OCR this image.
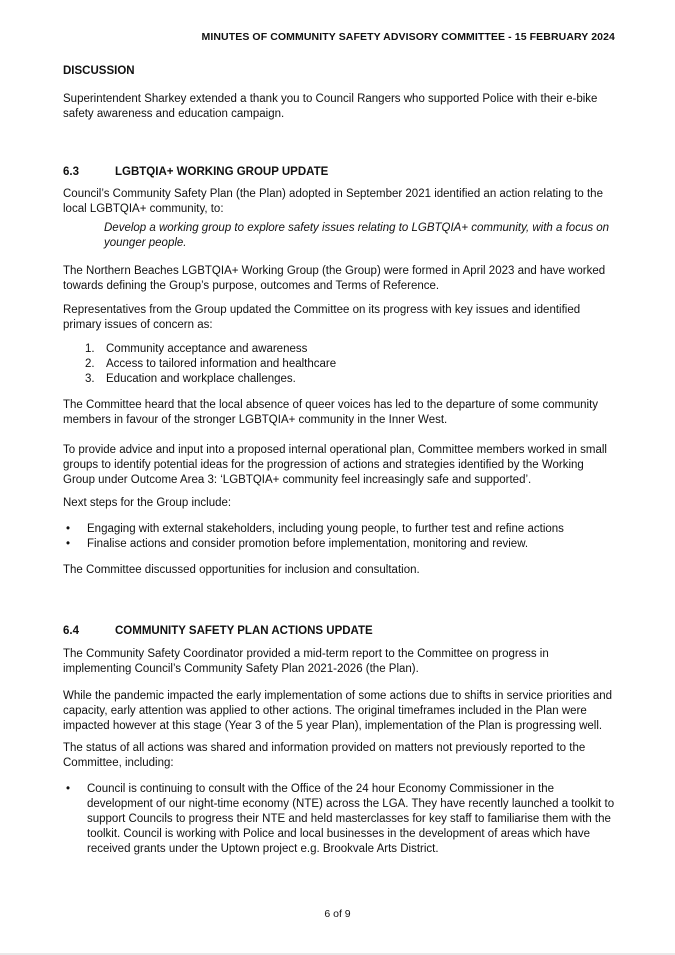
MINUTES OF COMMUNITY SAFETY ADVISORY COMMITTEE - 15 FEBRUARY 2024
DISCUSSION

Superintendent Sharkey extended a thank you to Council Rangers who supported Police with their e-bike safety awareness and education campaign.

6.3	LGBTQIA+ WORKING GROUP UPDATE

Council’s Community Safety Plan (the Plan) adopted in September 2021 identified an action relating to the local LGBTQIA+ community, to:

Develop a working group to explore safety issues relating to LGBTQIA+ community, with a focus on younger people.

The Northern Beaches LGBTQIA+ Working Group (the Group) were formed in April 2023 and have worked towards defining the Group’s purpose, outcomes and Terms of Reference.

Representatives from the Group updated the Committee on its progress with key issues and identified primary issues of concern as:

1. Community acceptance and awareness
2. Access to tailored information and healthcare
3. Education and workplace challenges.

The Committee heard that the local absence of queer voices has led to the departure of some community members in favour of the stronger LGBTQIA+ community in the Inner West.

To provide advice and input into a proposed internal operational plan, Committee members worked in small groups to identify potential ideas for the progression of actions and strategies identified by the Working Group under Outcome Area 3: ‘LGBTQIA+ community feel increasingly safe and supported’.

Next steps for the Group include:

•	Engaging with external stakeholders, including young people, to further test and refine actions
•	Finalise actions and consider promotion before implementation, monitoring and review.

The Committee discussed opportunities for inclusion and consultation.

6.4	COMMUNITY SAFETY PLAN ACTIONS UPDATE

The Community Safety Coordinator provided a mid-term report to the Committee on progress in implementing Council’s Community Safety Plan 2021-2026 (the Plan).

While the pandemic impacted the early implementation of some actions due to shifts in service priorities and capacity, early attention was applied to other actions. The original timeframes included in the Plan were impacted however at this stage (Year 3 of the 5 year Plan), implementation of the Plan is progressing well.

The status of all actions was shared and information provided on matters not previously reported to the Committee, including:

•	Council is continuing to consult with the Office of the 24 hour Economy Commissioner in the development of our night-time economy (NTE) across the LGA. They have recently launched a toolkit to support Councils to progress their NTE and held masterclasses for key staff to familiarise them with the toolkit. Council is working with Police and local businesses in the development of areas which have received grants under the Uptown project e.g. Brookvale Arts District.
6 of 9
